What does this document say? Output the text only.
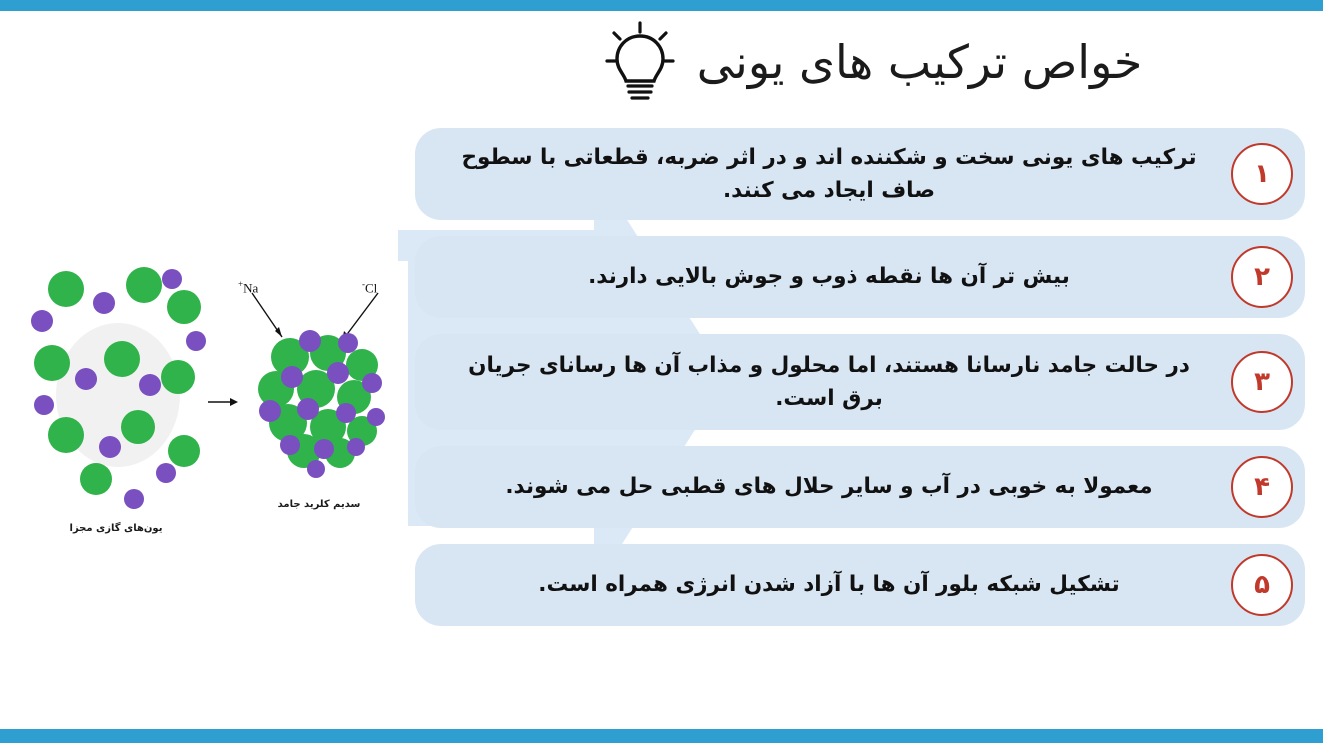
خواص ترکیب های یونی
ترکیب های یونی سخت و شکننده اند و در اثر ضربه، قطعاتی با سطوح صاف ایجاد می کنند.
۱
بیش تر آن ها نقطه ذوب و جوش بالایی دارند.	۲
در حالت جامد نارسانا هستند، اما محلول و مذاب آن ها رسانای جریان برق است.
۳
معمولا به خوبی در آب و سایر حلال های قطبی حل می شوند.	۴
تشکیل شبکه بلور آن ها با آزاد شدن انرژی همراه است.	۵
Na+	Cl-
سدیم کلرید جامد
یون‌های گازی مجزا
